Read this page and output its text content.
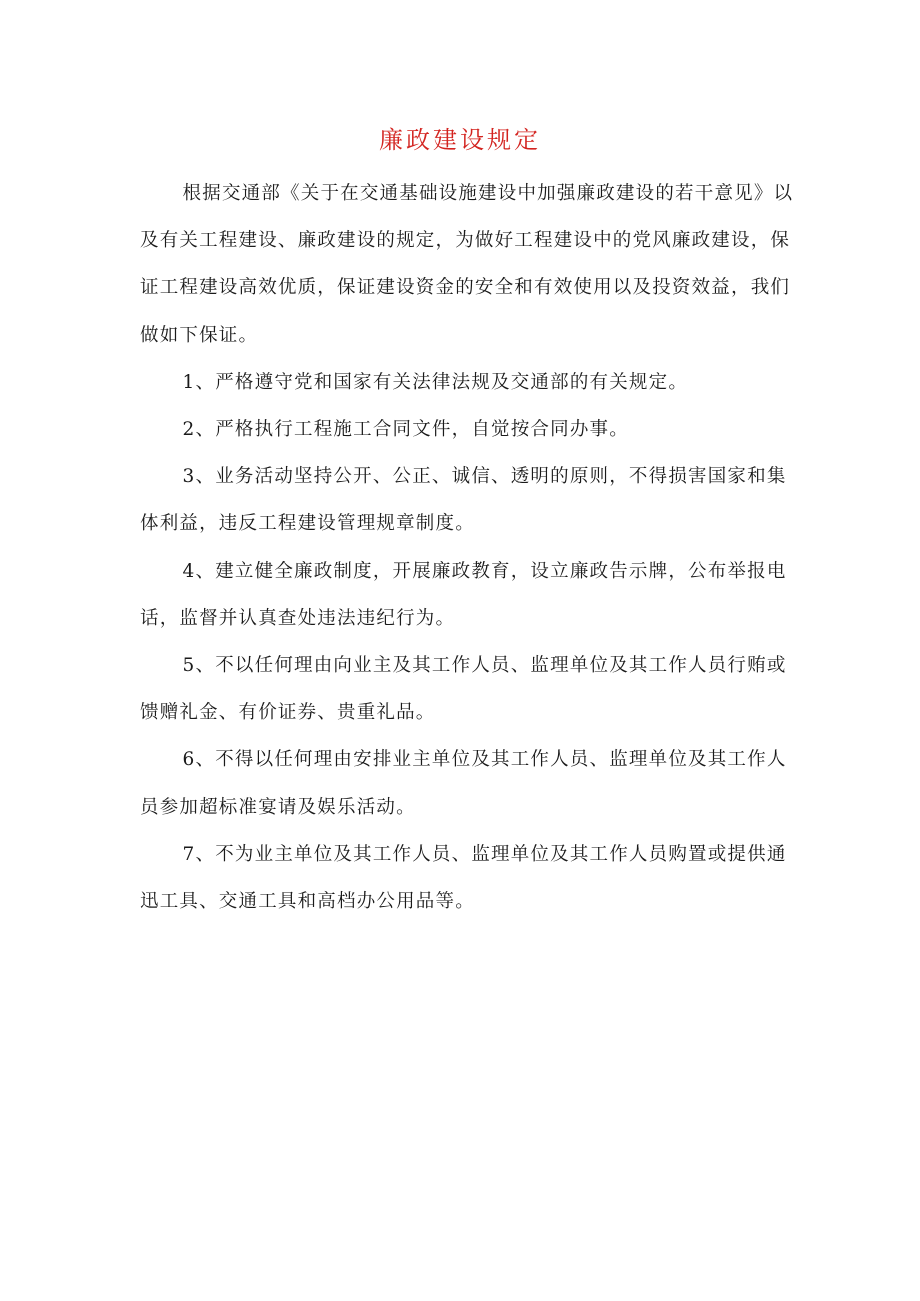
廉政建设规定

根据交通部《关于在交通基础设施建设中加强廉政建设的若干意见》以及有关工程建设、廉政建设的规定，为做好工程建设中的党风廉政建设，保证工程建设高效优质，保证建设资金的安全和有效使用以及投资效益，我们做如下保证。

1、严格遵守党和国家有关法律法规及交通部的有关规定。

2、严格执行工程施工合同文件，自觉按合同办事。

3、业务活动坚持公开、公正、诚信、透明的原则，不得损害国家和集体利益，违反工程建设管理规章制度。

4、建立健全廉政制度，开展廉政教育，设立廉政告示牌，公布举报电话，监督并认真查处违法违纪行为。

5、不以任何理由向业主及其工作人员、监理单位及其工作人员行贿或馈赠礼金、有价证券、贵重礼品。

6、不得以任何理由安排业主单位及其工作人员、监理单位及其工作人员参加超标准宴请及娱乐活动。

7、不为业主单位及其工作人员、监理单位及其工作人员购置或提供通迅工具、交通工具和高档办公用品等。
